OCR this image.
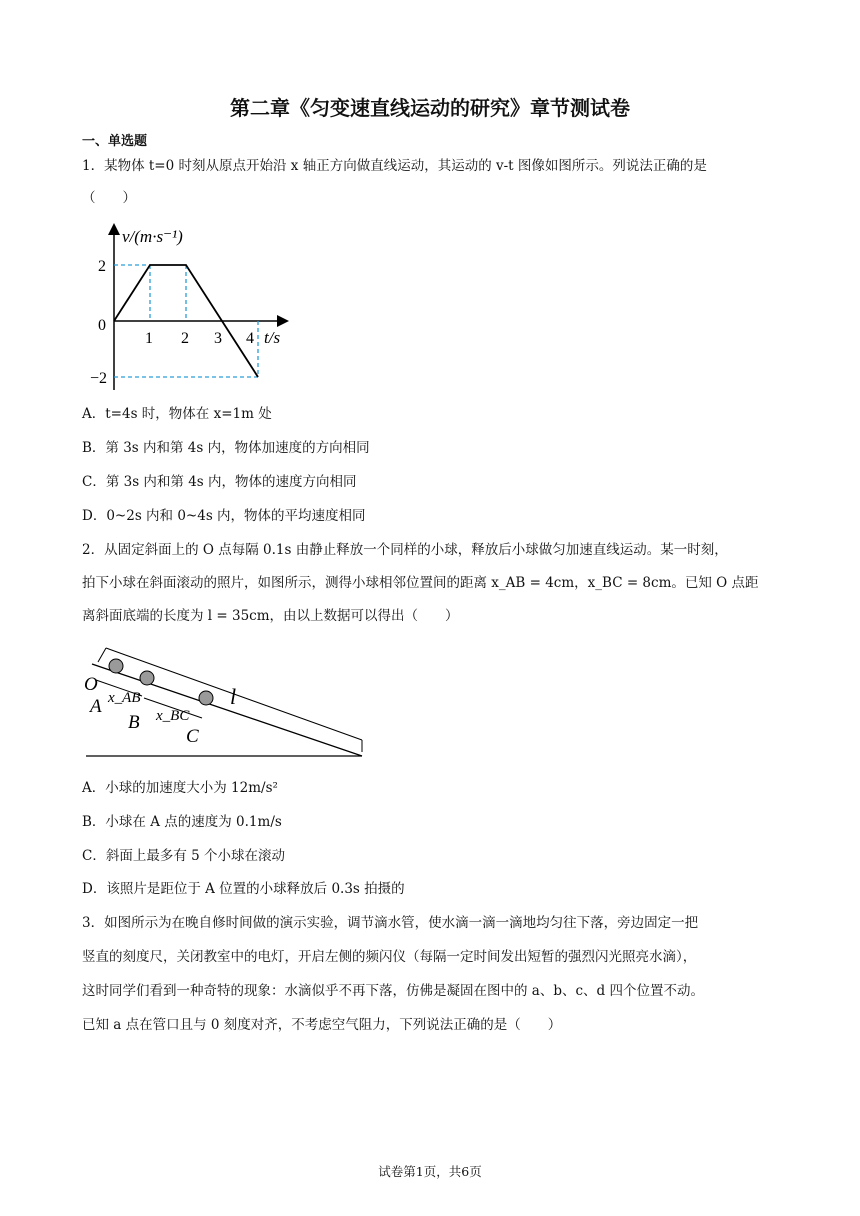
第二章《匀变速直线运动的研究》章节测试卷
一、单选题
1．某物体 t=0 时刻从原点开始沿 x 轴正方向做直线运动，其运动的 v-t 图像如图所示。列说法正确的是
（　　）
v/(m·s⁻¹)
2
−2
0
1 2 3 4 t/s
A．t=4s 时，物体在 x=1m 处
B．第 3s 内和第 4s 内，物体加速度的方向相同
C．第 3s 内和第 4s 内，物体的速度方向相同
D．0~2s 内和 0~4s 内，物体的平均速度相同
2．从固定斜面上的 O 点每隔 0.1s 由静止释放一个同样的小球，释放后小球做匀加速直线运动。某一时刻，
拍下小球在斜面滚动的照片，如图所示，测得小球相邻位置间的距离 x_AB = 4cm，x_BC = 8cm。已知 O 点距
离斜面底端的长度为 l = 35cm，由以上数据可以得出（　　）
O
A
B
C
l
x_AB
x_BC
A．小球的加速度大小为 12m/s²
B．小球在 A 点的速度为 0.1m/s
C．斜面上最多有 5 个小球在滚动
D．该照片是距位于 A 位置的小球释放后 0.3s 拍摄的
3．如图所示为在晚自修时间做的演示实验，调节滴水管，使水滴一滴一滴地均匀往下落，旁边固定一把
竖直的刻度尺，关闭教室中的电灯，开启左侧的频闪仪（每隔一定时间发出短暂的强烈闪光照亮水滴），
这时同学们看到一种奇特的现象：水滴似乎不再下落，仿佛是凝固在图中的 a、b、c、d 四个位置不动。
已知 a 点在管口且与 0 刻度对齐，不考虑空气阻力，下列说法正确的是（　　）
试卷第1页，共6页
